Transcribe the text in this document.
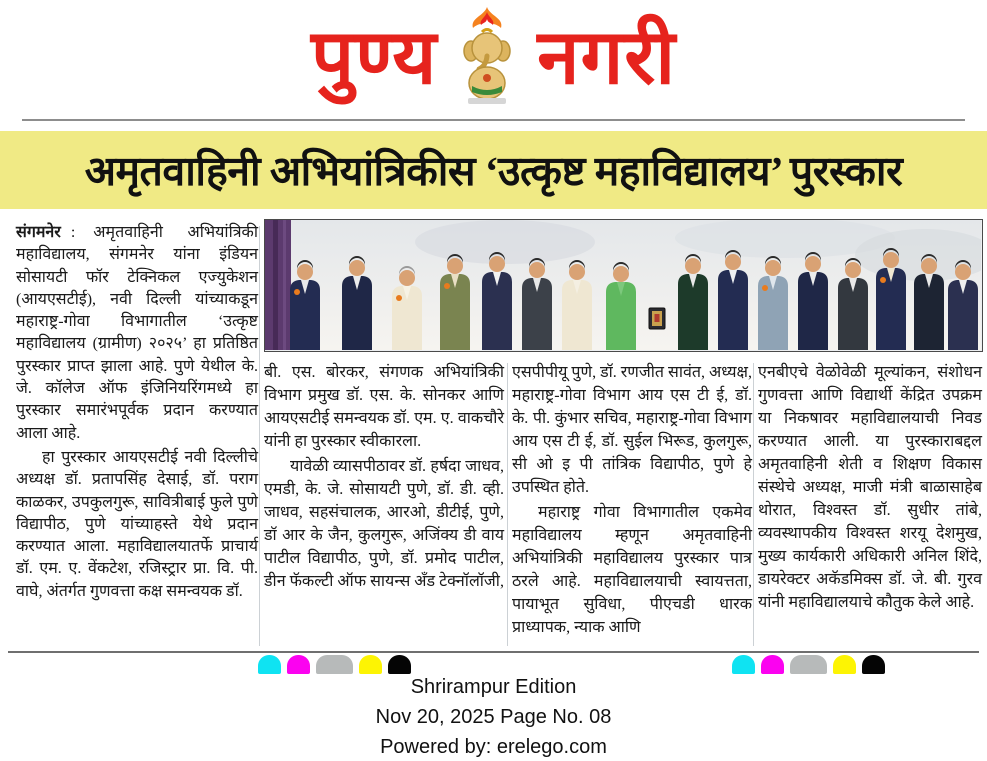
पुण्य नगरी
अमृतवाहिनी अभियांत्रिकीस ‘उत्कृष्ट महाविद्यालय’ पुरस्कार

संगमनेर : अमृतवाहिनी अभियांत्रिकी महाविद्यालय, संगमनेर यांना इंडियन सोसायटी फॉर टेक्निकल एज्युकेशन (आयएसटीई), नवी दिल्ली यांच्याकडून महाराष्ट्र-गोवा विभागातील ‘उत्कृष्ट महाविद्यालय (ग्रामीण) २०२५’ हा प्रतिष्ठित पुरस्कार प्राप्त झाला आहे. पुणे येथील के. जे. कॉलेज ऑफ इंजिनियरिंगमध्ये हा पुरस्कार समारंभपूर्वक प्रदान करण्यात आला आहे.

हा पुरस्कार आयएसटीई नवी दिल्लीचे अध्यक्ष डॉ. प्रतापसिंह देसाई, डॉ. पराग काळकर, उपकुलगुरू, सावित्रीबाई फुले पुणे विद्यापीठ, पुणे यांच्याहस्ते येथे प्रदान करण्यात आला. महाविद्यालयातर्फे प्राचार्य डॉ. एम. ए. वेंकटेश, रजिस्ट्रार प्रा. वि. पी. वाघे, अंतर्गत गुणवत्ता कक्ष समन्वयक डॉ.

बी. एस. बोरकर, संगणक अभियांत्रिकी विभाग प्रमुख डॉ. एस. के. सोनकर आणि आयएसटीई समन्वयक डॉ. एम. ए. वाकचौरे यांनी हा पुरस्कार स्वीकारला.

यावेळी व्यासपीठावर डॉ. हर्षदा जाधव, एमडी, के. जे. सोसायटी पुणे, डॉ. डी. व्ही. जाधव, सहसंचालक, आरओ, डीटीई, पुणे, डॉ आर के जैन, कुलगुरू, अजिंक्य डी वाय पाटील विद्यापीठ, पुणे, डॉ. प्रमोद पाटील, डीन फॅकल्टी ऑफ सायन्स अँड टेक्नॉलॉजी,

एसपीपीयू पुणे, डॉ. रणजीत सावंत, अध्यक्ष, महाराष्ट्र-गोवा विभाग आय एस टी ई, डॉ. के. पी. कुंभार सचिव, महाराष्ट्र-गोवा विभाग आय एस टी ई, डॉ. सुईल भिरूड, कुलगुरू, सी ओ इ पी तांत्रिक विद्यापीठ, पुणे हे उपस्थित होते.

महाराष्ट्र गोवा विभागातील एकमेव महाविद्यालय म्हणून अमृतवाहिनी अभियांत्रिकी महाविद्यालय पुरस्कार पात्र ठरले आहे. महाविद्यालयाची स्वायत्तता, पायाभूत सुविधा, पीएचडी धारक प्राध्यापक, न्याक आणि

एनबीएचे वेळोवेळी मूल्यांकन, संशोधन गुणवत्ता आणि विद्यार्थी केंद्रित उपक्रम या निकषावर महाविद्यालयाची निवड करण्यात आली. या पुरस्काराबद्दल अमृतवाहिनी शेती व शिक्षण विकास संस्थेचे अध्यक्ष, माजी मंत्री बाळासाहेब थोरात, विश्वस्त डॉ. सुधीर तांबे, व्यवस्थापकीय विश्वस्त शरयू देशमुख, मुख्य कार्यकारी अधिकारी अनिल शिंदे, डायरेक्टर अकॅडमिक्स डॉ. जे. बी. गुरव यांनी महाविद्यालयाचे कौतुक केले आहे.

Shrirampur Edition
Nov 20, 2025 Page No. 08
Powered by: erelego.com
